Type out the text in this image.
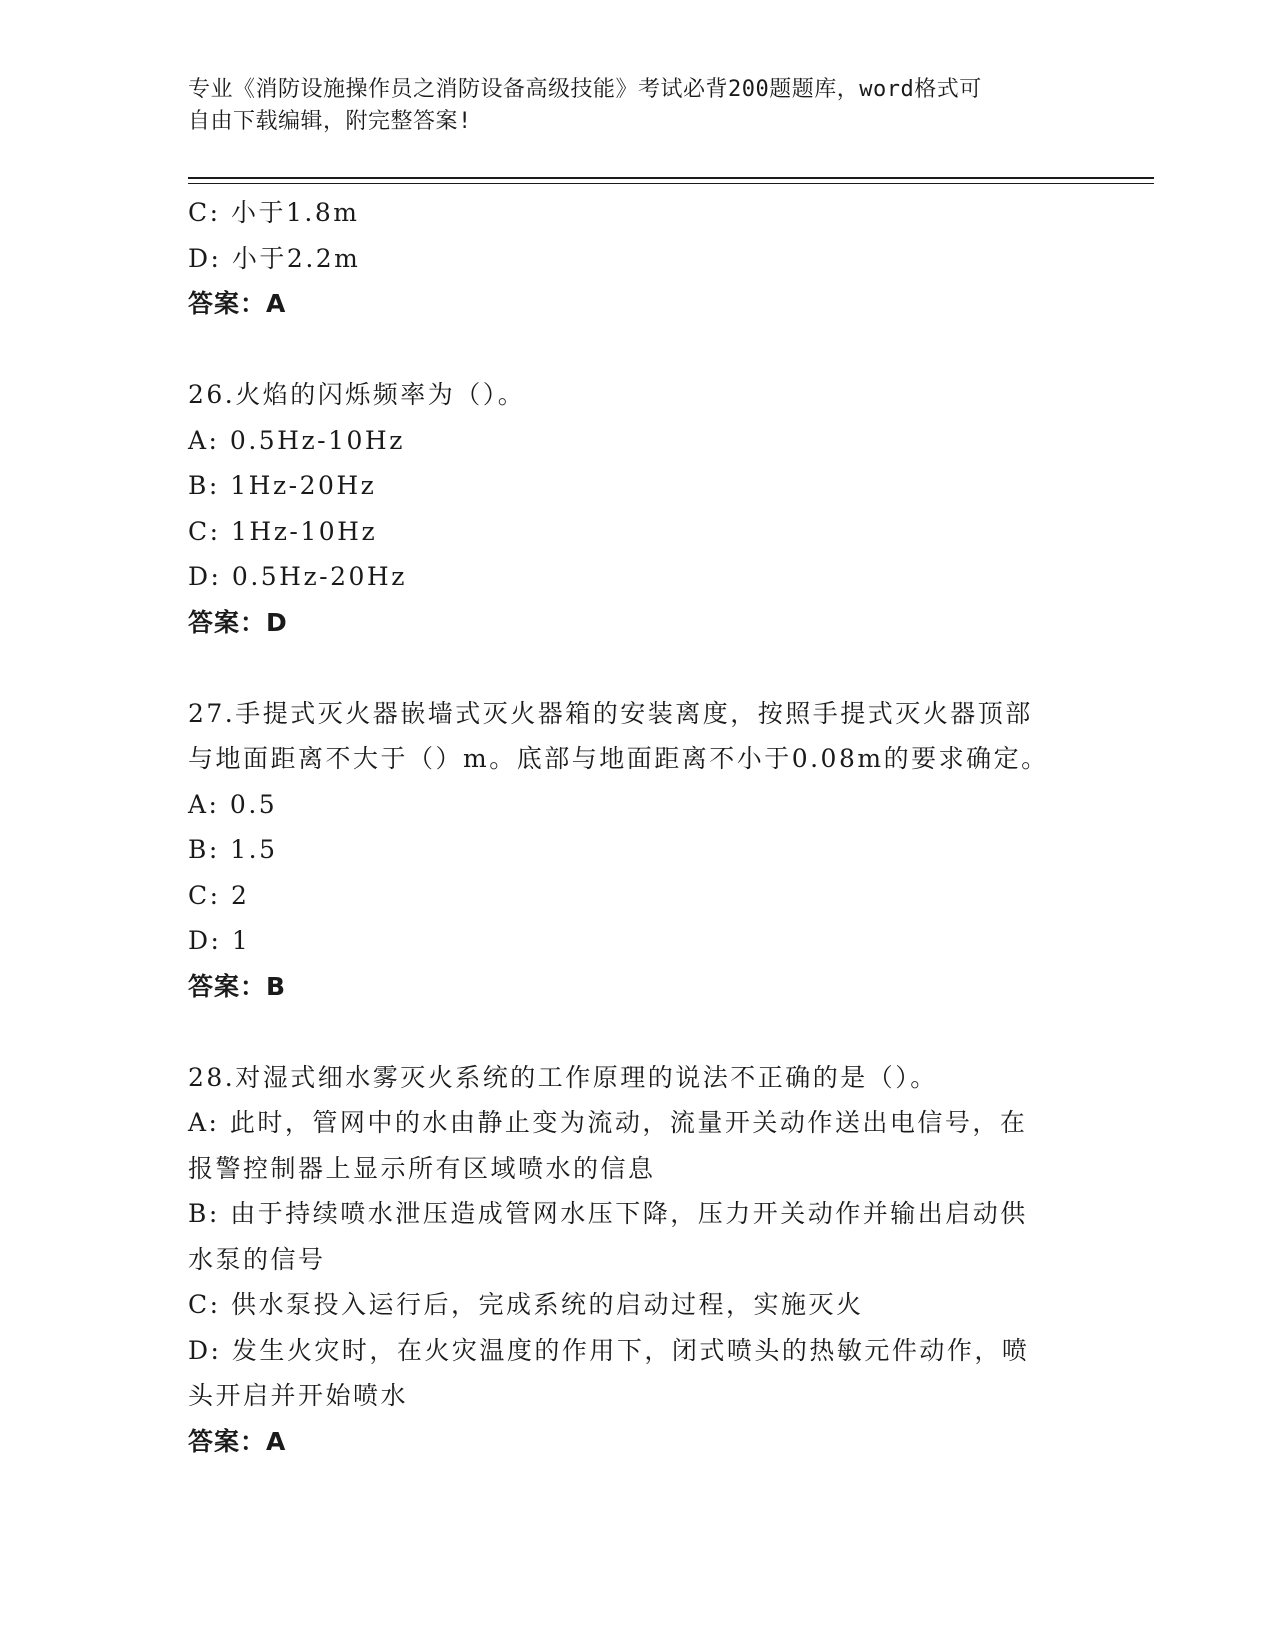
专业《消防设施操作员之消防设备高级技能》考试必背200题题库，word格式可
自由下载编辑，附完整答案!
C: 小于1.8m
D: 小于2.2m
答案：A
26.火焰的闪烁频率为（）。
A: 0.5Hz-10Hz
B: 1Hz-20Hz
C: 1Hz-10Hz
D: 0.5Hz-20Hz
答案：D
27.手提式灭火器嵌墙式灭火器箱的安装离度，按照手提式灭火器顶部
与地面距离不大于（）m。底部与地面距离不小于0.08m的要求确定。
A: 0.5
B: 1.5
C: 2
D: 1
答案：B
28.对湿式细水雾灭火系统的工作原理的说法不正确的是（）。
A: 此时，管网中的水由静止变为流动，流量开关动作送出电信号，在
报警控制器上显示所有区域喷水的信息
B: 由于持续喷水泄压造成管网水压下降，压力开关动作并输出启动供
水泵的信号
C: 供水泵投入运行后，完成系统的启动过程，实施灭火
D: 发生火灾时，在火灾温度的作用下，闭式喷头的热敏元件动作，喷
头开启并开始喷水
答案：A
